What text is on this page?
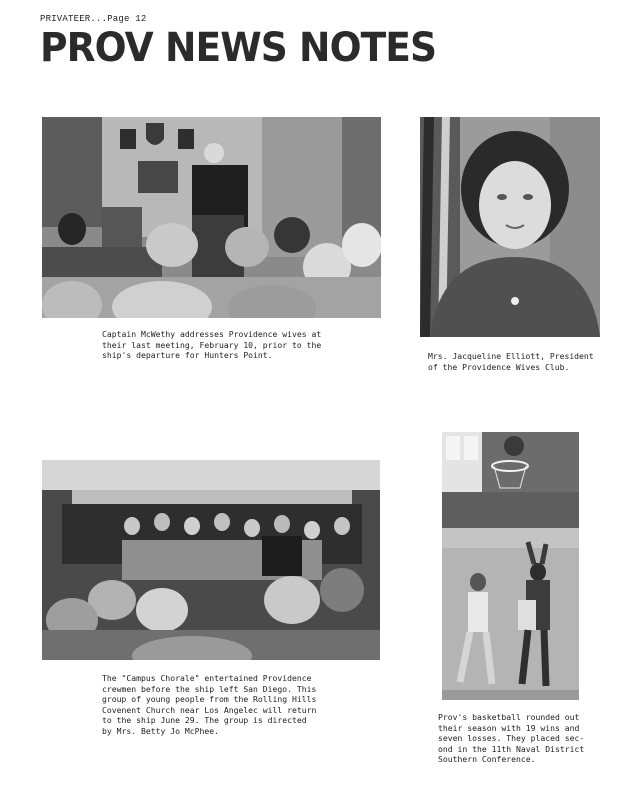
PRIVATEER...Page 12
PROV NEWS NOTES

Captain McWethy addresses Providence wives at

their last meeting, February 10, prior to the

ship's departure for Hunters Point.	Mrs. Jacqueline Elliott, President

of the Providence Wives Club.

The "Campus Chorale" entertained Providence

crewmen before the ship left San Diego. This

group of young people from the Rolling Hills

Covenent Church near Los Angelec will return

to the ship June 29. The group is directed

by Mrs. Betty Jo McPhee.

Prov's basketball rounded out

their season with 19 wins and

seven losses. They placed sec-

ond in the 11th Naval District

Southern Conference.
